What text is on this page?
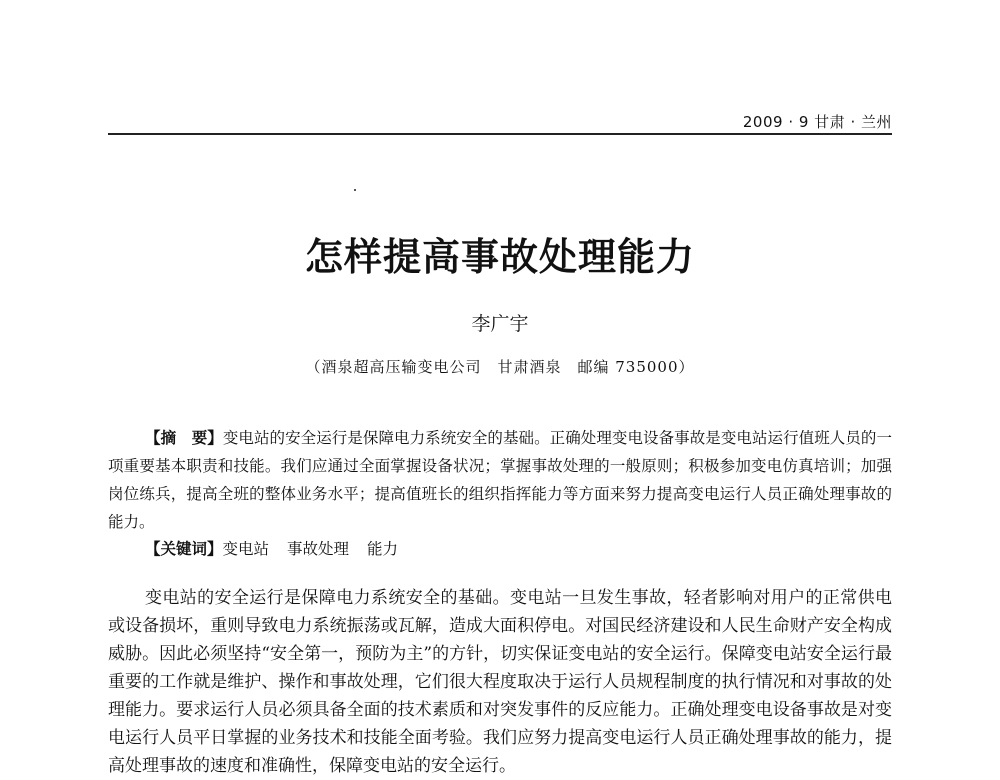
2009 · 9 甘肃 · 兰州
怎样提高事故处理能力
李广宇
（酒泉超高压输变电公司　甘肃酒泉　邮编 735000）
【摘　要】变电站的安全运行是保障电力系统安全的基础。正确处理变电设备事故是变电站运行值班人员的一项重要基本职责和技能。我们应通过全面掌握设备状况；掌握事故处理的一般原则；积极参加变电仿真培训；加强岗位练兵，提高全班的整体业务水平；提高值班长的组织指挥能力等方面来努力提高变电运行人员正确处理事故的能力。
【关键词】变电站 事故处理 能力
变电站的安全运行是保障电力系统安全的基础。变电站一旦发生事故，轻者影响对用户的正常供电或设备损坏，重则导致电力系统振荡或瓦解，造成大面积停电。对国民经济建设和人民生命财产安全构成威胁。因此必须坚持“安全第一，预防为主”的方针，切实保证变电站的安全运行。保障变电站安全运行最重要的工作就是维护、操作和事故处理，它们很大程度取决于运行人员规程制度的执行情况和对事故的处理能力。要求运行人员必须具备全面的技术素质和对突发事件的反应能力。正确处理变电设备事故是对变电运行人员平日掌握的业务技术和技能全面考验。我们应努力提高变电运行人员正确处理事故的能力，提高处理事故的速度和准确性，保障变电站的安全运行。
